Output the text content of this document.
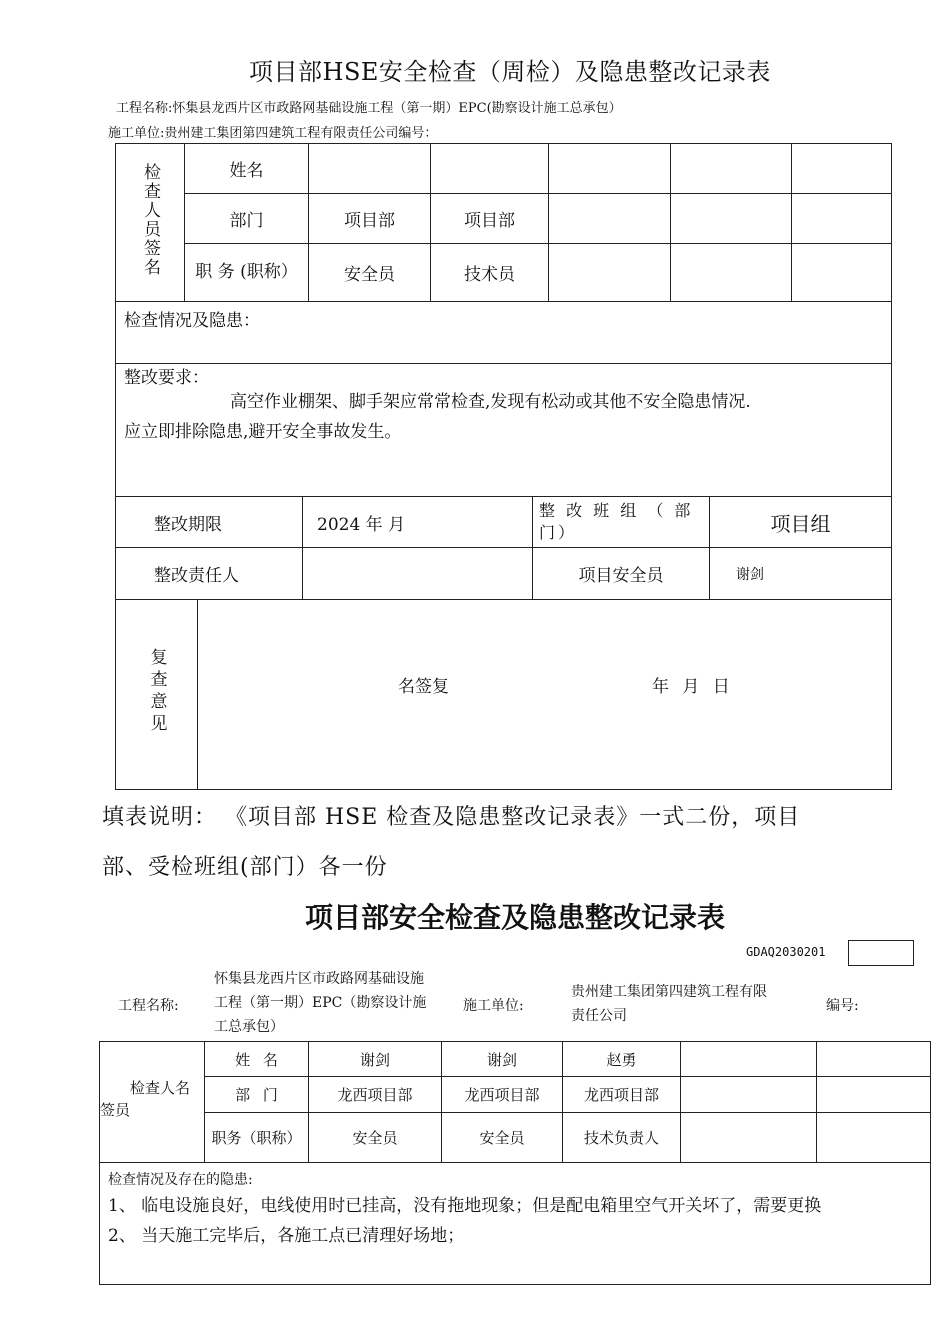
项目部HSE安全检查（周检）及隐患整改记录表
工程名称:怀集县龙西片区市政路网基础设施工程（第一期）EPC(勘察设计施工总承包）
施工单位:贵州建工集团第四建筑工程有限责任公司编号：
检查人员签名	姓名					
	部门	项目部	项目部			
	职 务 (职称）	安全员	技术员			
检查情况及隐患：						

整改要求：
高空作业棚架、脚手架应常常检查,发现有松动或其他不安全隐患情况.
应立即排除隐患,避开安全事故发生。						
整改期限	2024 年 月	整 改 班 组 （ 部门）	项目组
整改责任人		项目安全员	谢剑
复查意见	名签复	年 月 日
填表说明： 《项目部 HSE 检查及隐患整改记录表》一式二份，项目
部、受检班组(部门）各一份
项目部安全检查及隐患整改记录表
GDAQ2030201
工程名称:
怀集县龙西片区市政路网基础设施工程（第一期）EPC（勘察设计施工总承包）
施工单位:
贵州建工集团第四建筑工程有限责任公司
编号:
检查人名签员	姓 名	谢剑	谢剑	赵勇		
	部 门	龙西项目部	龙西项目部	龙西项目部		
	职务（职称）	安全员	安全员	技术负责人		

检查情况及存在的隐患:
1、 临电设施良好，电线使用时已挂高，没有拖地现象；但是配电箱里空气开关坏了，需要更换
2、 当天施工完毕后，各施工点已清理好场地；						
